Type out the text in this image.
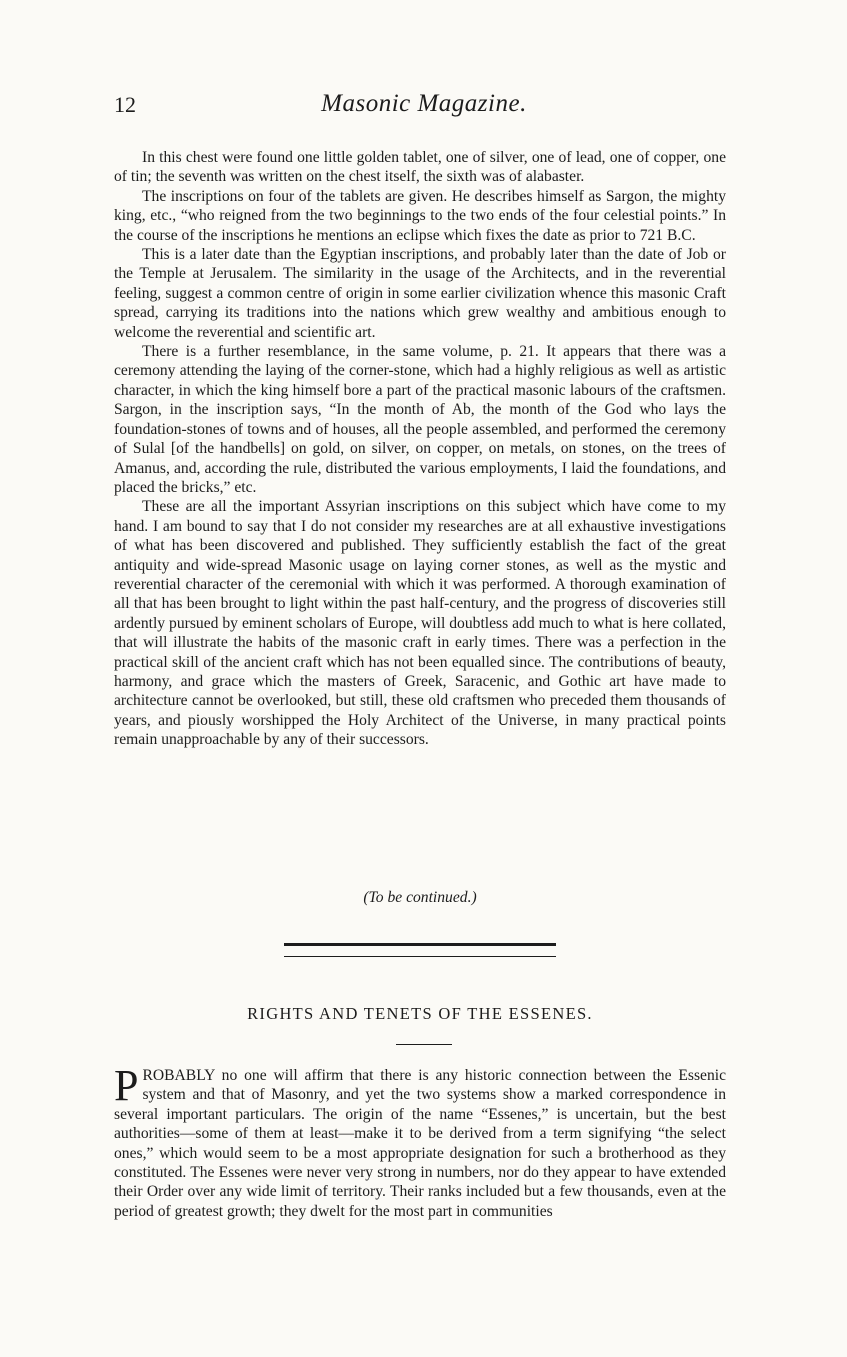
12	Masonic Magazine.

In this chest were found one little golden tablet, one of silver, one of lead, one of copper, one of tin; the seventh was written on the chest itself, the sixth was of alabaster.

The inscriptions on four of the tablets are given. He describes himself as Sargon, the mighty king, etc., “who reigned from the two beginnings to the two ends of the four celestial points.” In the course of the inscriptions he mentions an eclipse which fixes the date as prior to 721 B.C.

This is a later date than the Egyptian inscriptions, and probably later than the date of Job or the Temple at Jerusalem. The similarity in the usage of the Architects, and in the reverential feeling, suggest a common centre of origin in some earlier civilization whence this masonic Craft spread, carrying its traditions into the nations which grew wealthy and ambitious enough to welcome the reverential and scientific art.

There is a further resemblance, in the same volume, p. 21. It appears that there was a ceremony attending the laying of the corner-stone, which had a highly religious as well as artistic character, in which the king himself bore a part of the practical masonic labours of the craftsmen. Sargon, in the inscription says, “In the month of Ab, the month of the God who lays the foundation-stones of towns and of houses, all the people assembled, and performed the ceremony of Sulal [of the handbells] on gold, on silver, on copper, on metals, on stones, on the trees of Amanus, and, according the rule, distributed the various employments, I laid the foundations, and placed the bricks,” etc.

These are all the important Assyrian inscriptions on this subject which have come to my hand. I am bound to say that I do not consider my researches are at all exhaustive investigations of what has been discovered and published. They sufficiently establish the fact of the great antiquity and wide-spread Masonic usage on laying corner stones, as well as the mystic and reverential character of the ceremonial with which it was performed. A thorough examination of all that has been brought to light within the past half-century, and the progress of discoveries still ardently pursued by eminent scholars of Europe, will doubtless add much to what is here collated, that will illustrate the habits of the masonic craft in early times. There was a perfection in the practical skill of the ancient craft which has not been equalled since. The contributions of beauty, harmony, and grace which the masters of Greek, Saracenic, and Gothic art have made to architecture cannot be overlooked, but still, these old craftsmen who preceded them thousands of years, and piously worshipped the Holy Architect of the Universe, in many practical points remain unapproachable by any of their successors.

(To be continued.)
RIGHTS AND TENETS OF THE ESSENES.

PROBABLY no one will affirm that there is any historic connection between the Essenic system and that of Masonry, and yet the two systems show a marked correspondence in several important particulars. The origin of the name “Essenes,” is uncertain, but the best authorities—some of them at least—make it to be derived from a term signifying “the select ones,” which would seem to be a most appropriate designation for such a brotherhood as they constituted. The Essenes were never very strong in numbers, nor do they appear to have extended their Order over any wide limit of territory. Their ranks included but a few thousands, even at the period of greatest growth; they dwelt for the most part in communities
